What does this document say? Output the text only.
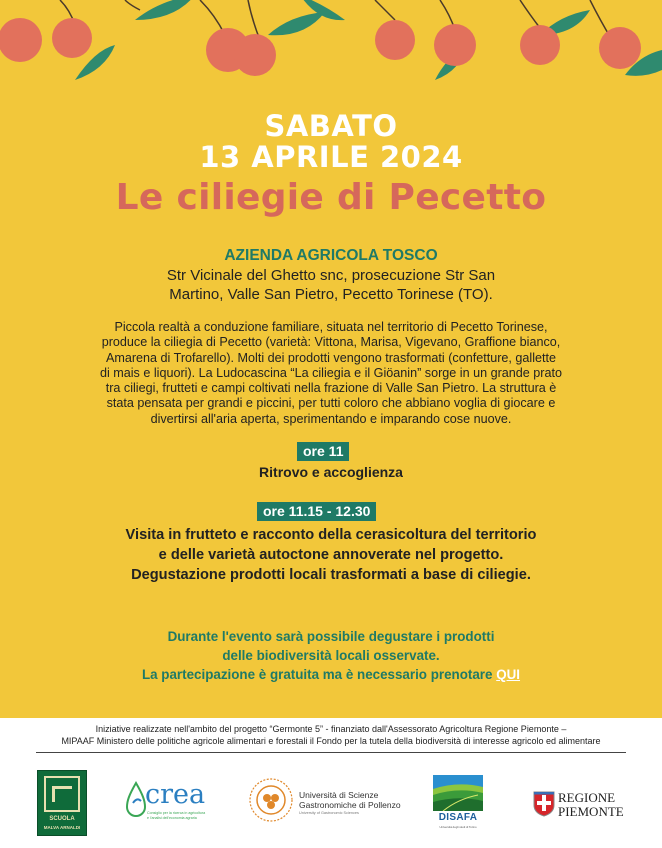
SABATO
13 APRILE 2024
Le ciliegie di Pecetto
AZIENDA AGRICOLA TOSCO
Str Vicinale del Ghetto snc, prosecuzione Str San
Martino, Valle San Pietro, Pecetto Torinese (TO).
Piccola realtà a conduzione familiare, situata nel territorio di Pecetto Torinese,
produce la ciliegia di Pecetto (varietà: Vittona, Marisa, Vigevano, Graffione bianco,
Amarena di Trofarello). Molti dei prodotti vengono trasformati (confetture, gallette
di mais e liquori). La Ludocascina “La ciliegia e il Giöanin” sorge in un grande prato
tra ciliegi, frutteti e campi coltivati nella frazione di Valle San Pietro. La struttura è
stata pensata per grandi e piccini, per tutti coloro che abbiano voglia di giocare e
divertirsi all'aria aperta, sperimentando e imparando cose nuove.
ore 11
Ritrovo e accoglienza
ore 11.15 - 12.30
Visita in frutteto e racconto della cerasicoltura del territorio
e delle varietà autoctone annoverate nel progetto.
Degustazione prodotti locali trasformati a base di ciliegie.
Durante l'evento sarà possibile degustare i prodotti
delle biodiversità locali osservate.
La partecipazione è gratuita ma è necessario prenotare QUI
Iniziative realizzate nell'ambito del progetto “Germonte 5” - finanziato dall'Assessorato Agricoltura Regione Piemonte –
MIPAAF Ministero delle politiche agricole alimentari e forestali il Fondo per la tutela della biodiversità di interesse agricolo ed alimentare
SCUOLA
MALVA ARNALDI
crea
Consiglio per la ricerca in agricoltura
e l'analisi dell'economia agraria
Università di Scienze
Gastronomiche di Pollenzo
University of Gastronomic Sciences	DISAFA
Università degli studi di Torino
REGIONE
PIEMONTE
